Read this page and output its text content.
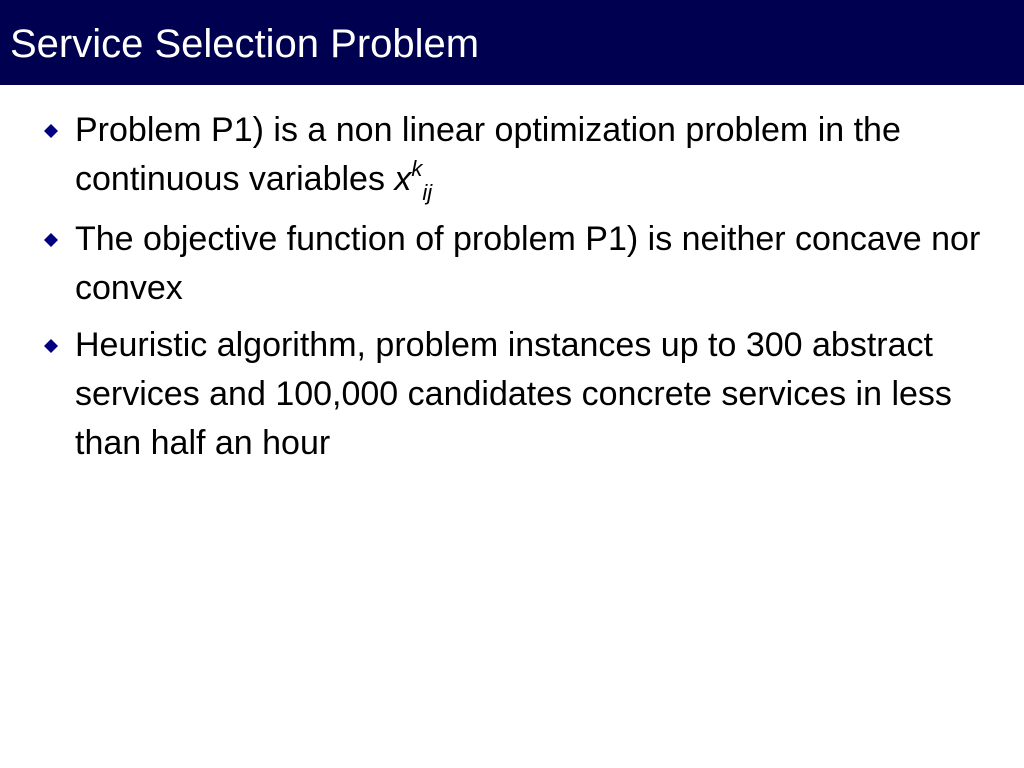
Service Selection Problem
Problem P1) is a non linear optimization problem in the continuous variables $x^k_{ij}$
The objective function of problem P1) is neither concave nor convex
Heuristic algorithm, problem instances up to 300 abstract services and 100,000 candidates concrete services in less than half an hour
